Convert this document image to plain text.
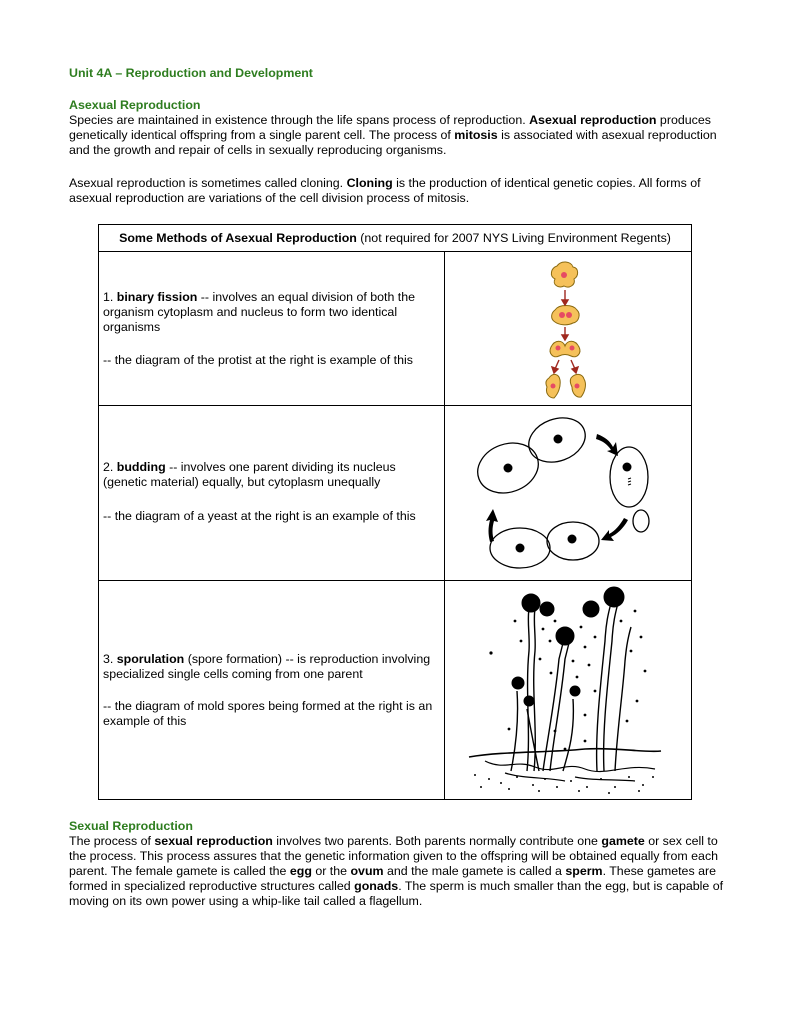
Unit 4A – Reproduction and Development
Asexual Reproduction

Species are maintained in existence through the life spans process of reproduction. Asexual reproduction produces genetically identical offspring from a single parent cell. The process of mitosis is associated with asexual reproduction and the growth and repair of cells in sexually reproducing organisms.

Asexual reproduction is sometimes called cloning. Cloning is the production of identical genetic copies. All forms of asexual reproduction are variations of the cell division process of mitosis.

Some Methods of Asexual Reproduction (not required for 2007 NYS Living Environment Regents)

1. binary fission -- involves an equal division of both the organism cytoplasm and nucleus to form two identical organisms

-- the diagram of the protist at the right is example of this

2. budding -- involves one parent dividing its nucleus (genetic material) equally, but cytoplasm unequally

-- the diagram of a yeast at the right is an example of this

3. sporulation (spore formation) -- is reproduction involving specialized single cells coming from one parent

-- the diagram of mold spores being formed at the right is an example of this

Sexual Reproduction

The process of sexual reproduction involves two parents. Both parents normally contribute one gamete or sex cell to the process. This process assures that the genetic information given to the offspring will be obtained equally from each parent. The female gamete is called the egg or the ovum and the male gamete is called a sperm. These gametes are formed in specialized reproductive structures called gonads. The sperm is much smaller than the egg, but is capable of moving on its own power using a whip-like tail called a flagellum.
